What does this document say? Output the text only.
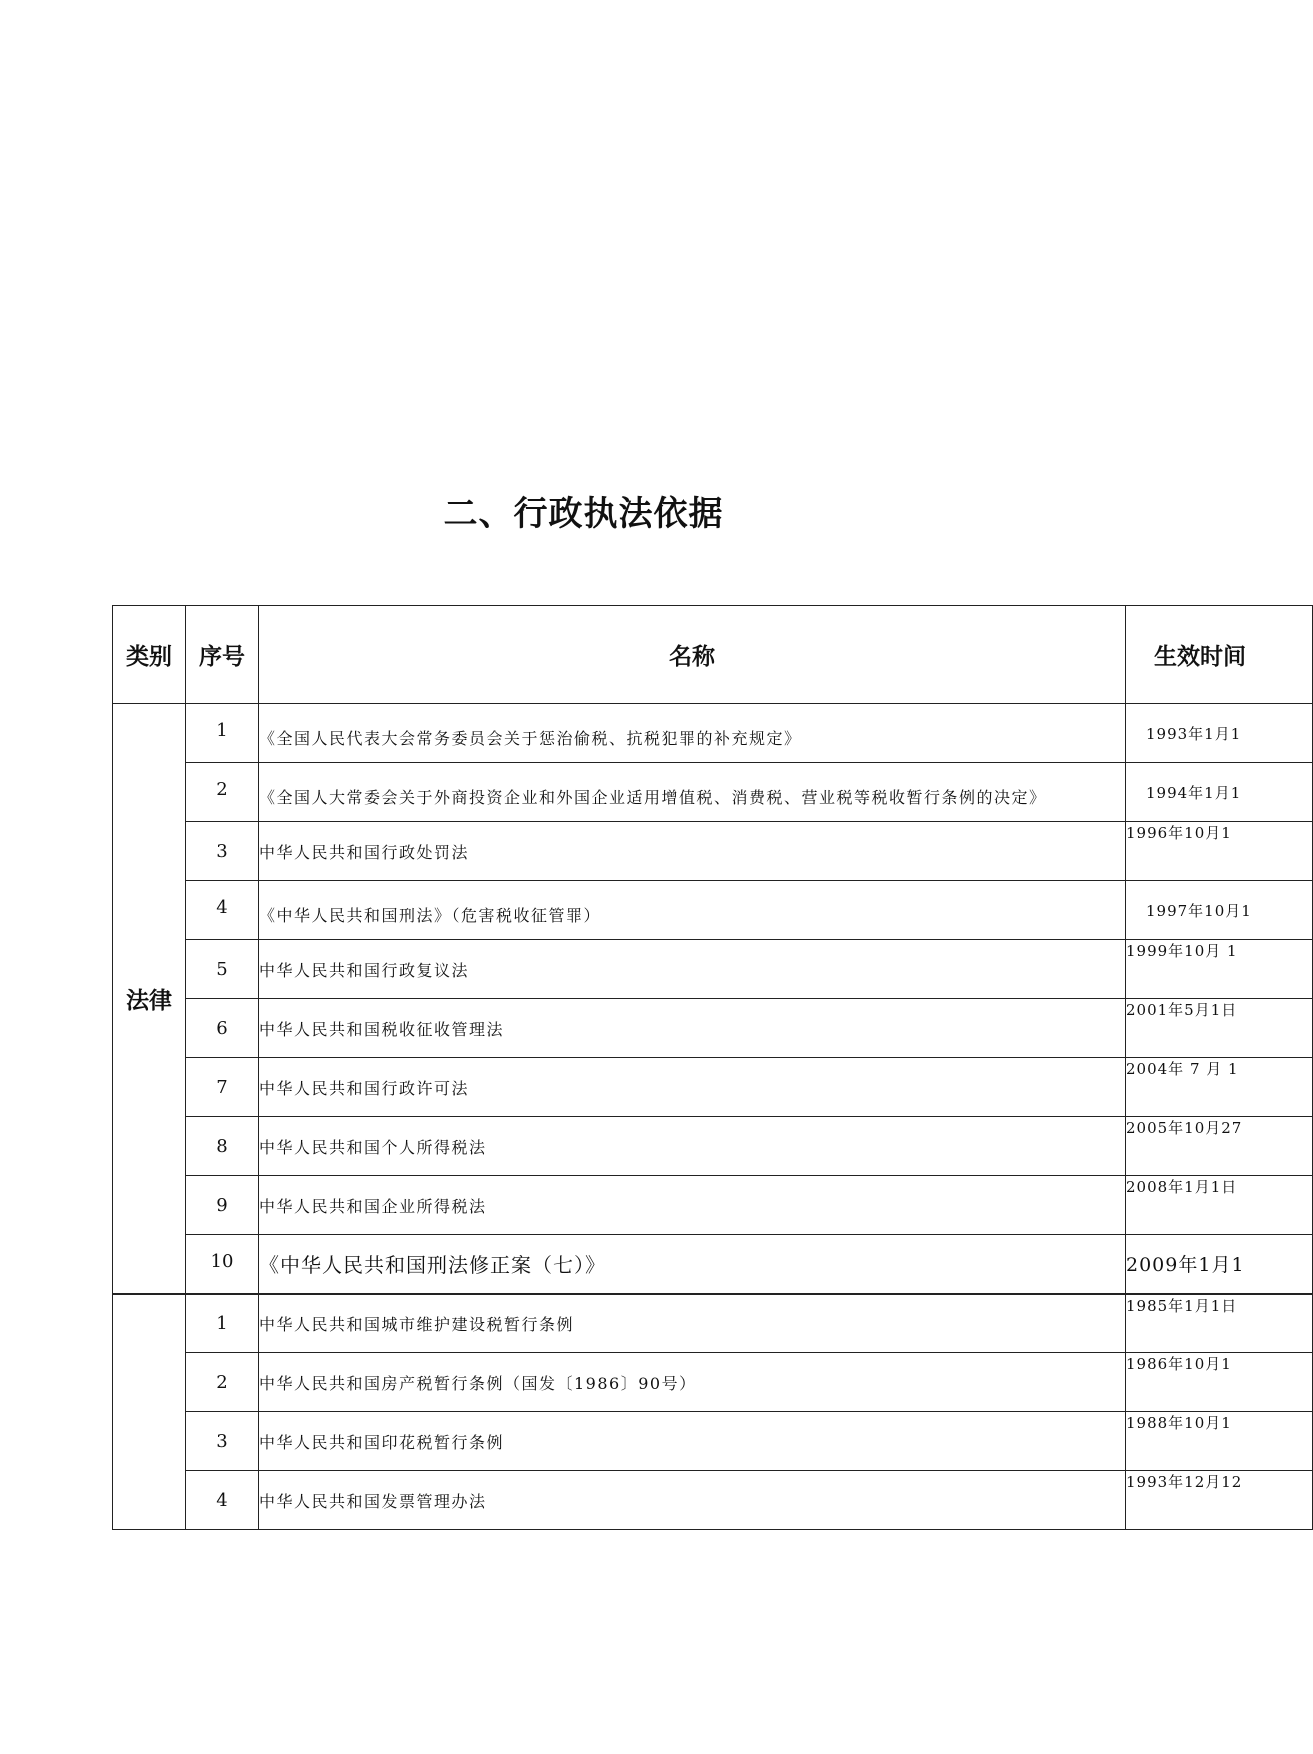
二、行政执法依据
类别	序号	名称	生效时间
法律	1	《全国人民代表大会常务委员会关于惩治偷税、抗税犯罪的补充规定》	1993年1月1
	2	《全国人大常委会关于外商投资企业和外国企业适用增值税、消费税、营业税等税收暂行条例的决定》	1994年1月1
	3	中华人民共和国行政处罚法	1996年10月1
	4	《中华人民共和国刑法》（危害税收征管罪）	1997年10月1
	5	中华人民共和国行政复议法	1999年10月 1
	6	中华人民共和国税收征收管理法	2001年5月1日
	7	中华人民共和国行政许可法	2004年 7 月 1
	8	中华人民共和国个人所得税法	2005年10月27
	9	中华人民共和国企业所得税法	2008年1月1日
	10	《中华人民共和国刑法修正案（七）》	2009年1月1
	1	中华人民共和国城市维护建设税暂行条例	1985年1月1日
	2	中华人民共和国房产税暂行条例（国发〔1986〕90号）	1986年10月1
	3	中华人民共和国印花税暂行条例	1988年10月1
	4	中华人民共和国发票管理办法	1993年12月12
